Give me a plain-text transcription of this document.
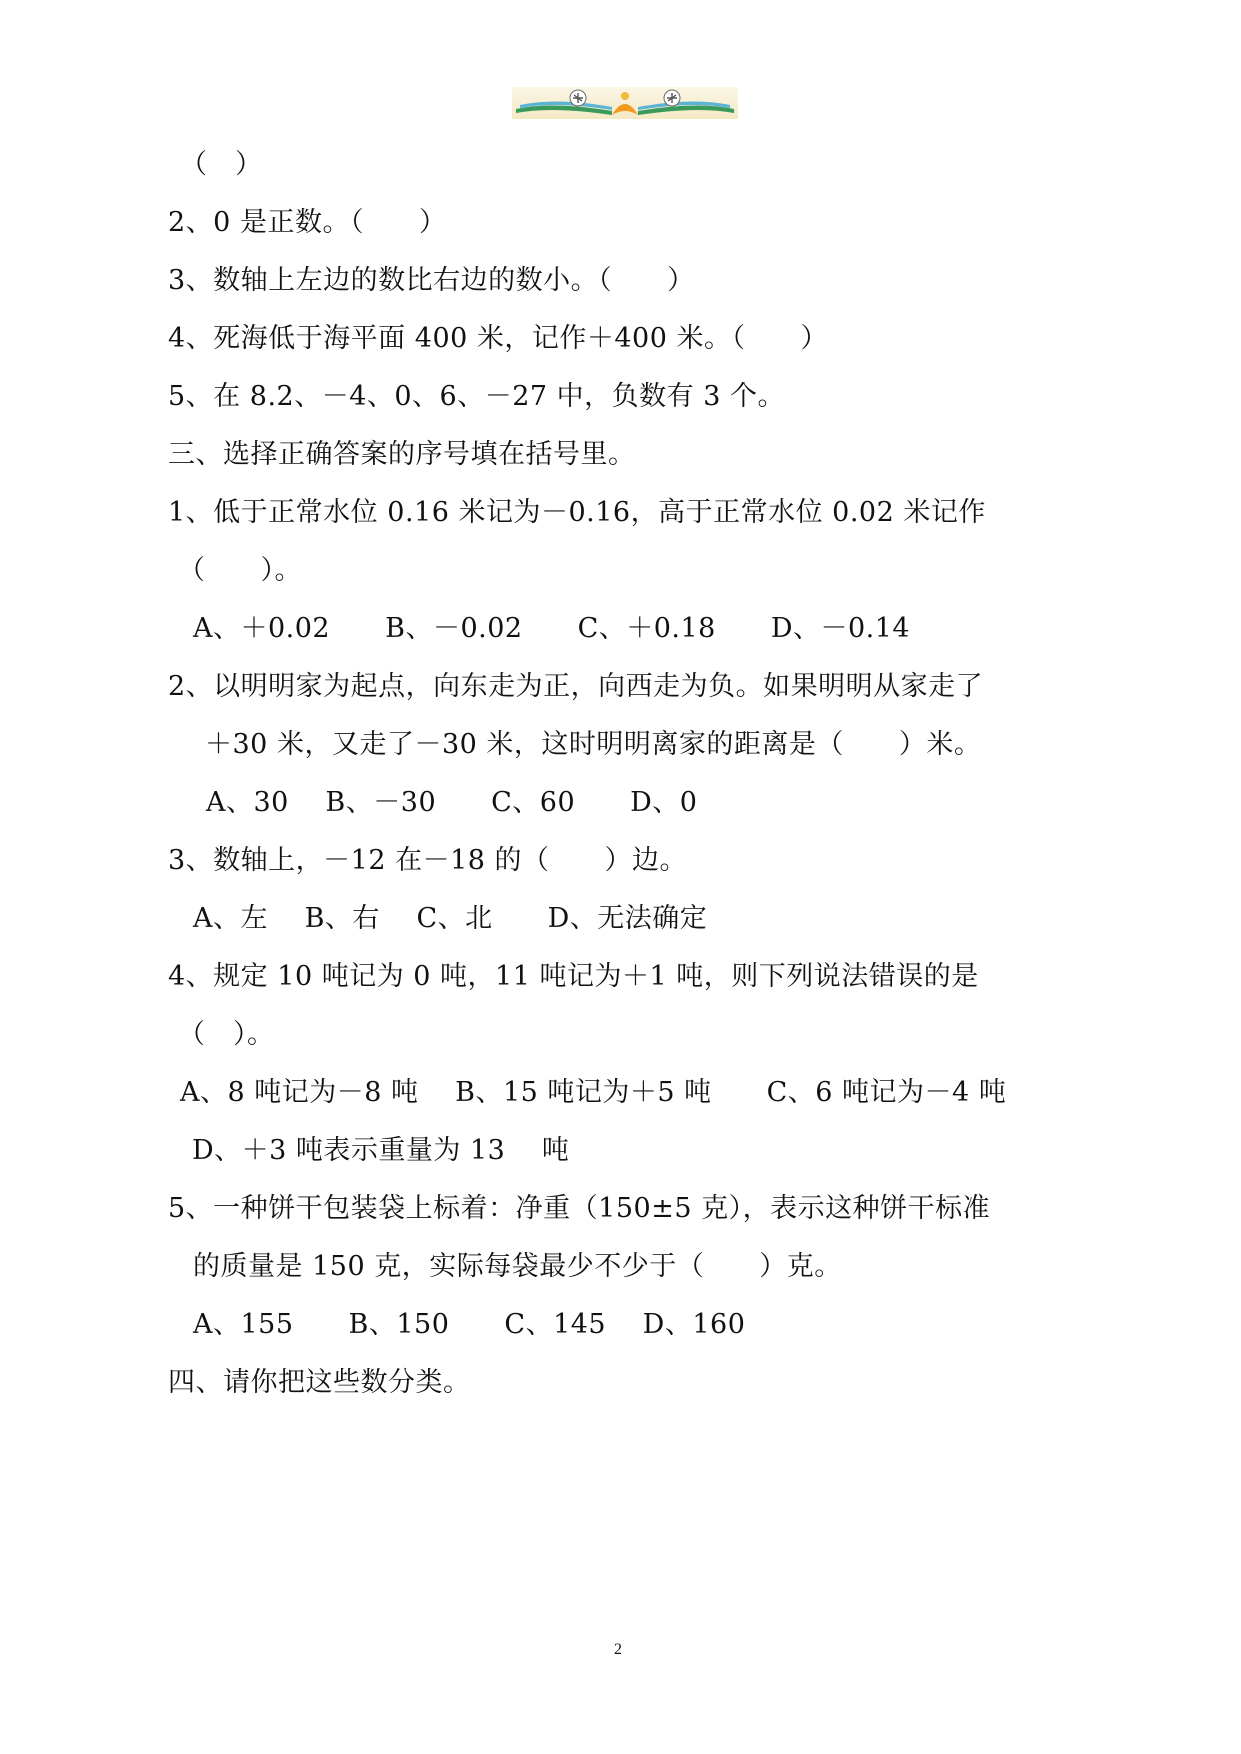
（　）
2、0 是正数。（　　）
3、数轴上左边的数比右边的数小。（　　）
4、死海低于海平面 400 米，记作＋400 米。（　　）
5、在 8.2、－4、0、6、－27 中，负数有 3 个。
三、选择正确答案的序号填在括号里。
1、低于正常水位 0.16 米记为－0.16，高于正常水位 0.02 米记作
（　　）。
A、＋0.02　　B、－0.02　　C、＋0.18　　D、－0.14
2、以明明家为起点，向东走为正，向西走为负。如果明明从家走了
＋30 米，又走了－30 米，这时明明离家的距离是（　　）米。
A、30　 B、－30　　C、60　　D、0
3、数轴上，－12 在－18 的（　　）边。
A、左　 B、右　 C、北　　D、无法确定
4、规定 10 吨记为 0 吨，11 吨记为＋1 吨，则下列说法错误的是
（　）。
A、8 吨记为－8 吨　 B、15 吨记为＋5 吨　　C、6 吨记为－4 吨
D、＋3 吨表示重量为 13　 吨
5、一种饼干包装袋上标着：净重（150±5 克），表示这种饼干标准
的质量是 150 克，实际每袋最少不少于（　　）克。
A、155　　B、150　　C、145　 D、160
四、请你把这些数分类。
2
